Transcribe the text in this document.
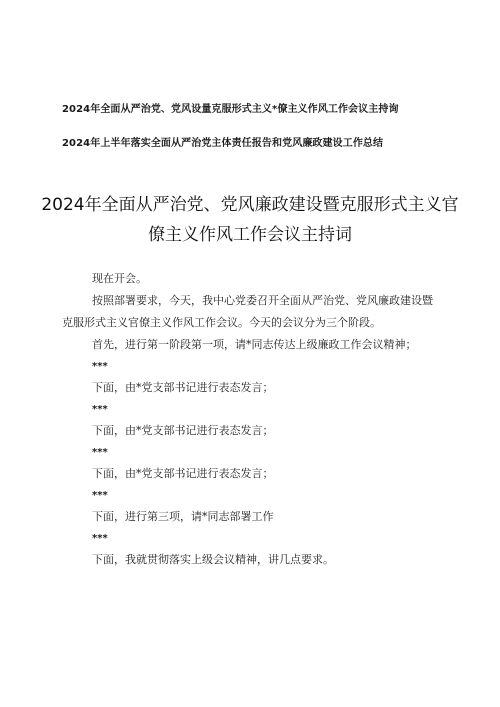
2024年全面从严治党、党风设量克服形式主义*僚主义作风工作会议主持询
2024年上半年落实全面从严治党主体责任报告和党风廉政建设工作总结
2024年全面从严治党、党风廉政建设暨克服形式主义官
僚主义作风工作会议主持词
现在开会。
按照部署要求，今天，我中心党委召开全面从严治党、党风廉政建设暨克服形式主义官僚主义作风工作会议。今天的会议分为三个阶段。
首先，进行第一阶段第一项，请*同志传达上级廉政工作会议精神；
***
下面，由*党支部书记进行表态发言；
***
下面，由*党支部书记进行表态发言；
***
下面，由*党支部书记进行表态发言；
***
下面，进行第三项，请*同志部署工作
***
下面，我就贯彻落实上级会议精神，讲几点要求。
